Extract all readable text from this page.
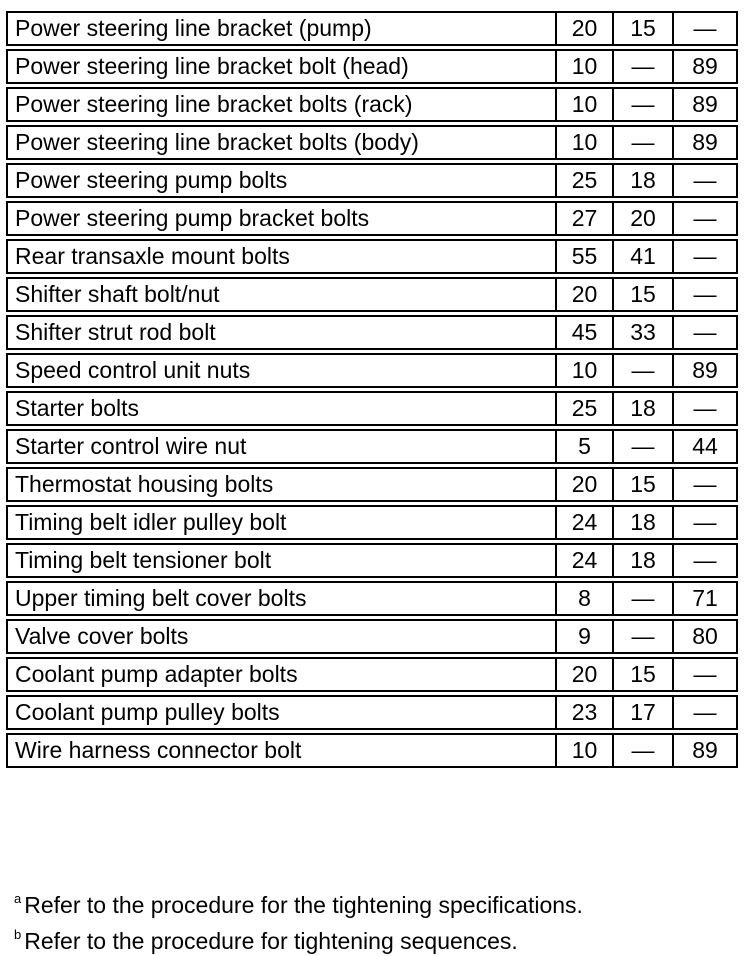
Power steering line bracket (pump)	20	15	—
Power steering line bracket bolt (head)	10	—	89
Power steering line bracket bolts (rack)	10	—	89
Power steering line bracket bolts (body)	10	—	89
Power steering pump bolts	25	18	—
Power steering pump bracket bolts	27	20	—
Rear transaxle mount bolts	55	41	—
Shifter shaft bolt/nut	20	15	—
Shifter strut rod bolt	45	33	—
Speed control unit nuts	10	—	89
Starter bolts	25	18	—
Starter control wire nut	5	—	44
Thermostat housing bolts	20	15	—
Timing belt idler pulley bolt	24	18	—
Timing belt tensioner bolt	24	18	—
Upper timing belt cover bolts	8	—	71
Valve cover bolts	9	—	80
Coolant pump adapter bolts	20	15	—
Coolant pump pulley bolts	23	17	—
Wire harness connector bolt	10	—	89
$^a$ Refer to the procedure for the tightening specifications.
$^b$ Refer to the procedure for tightening sequences.
